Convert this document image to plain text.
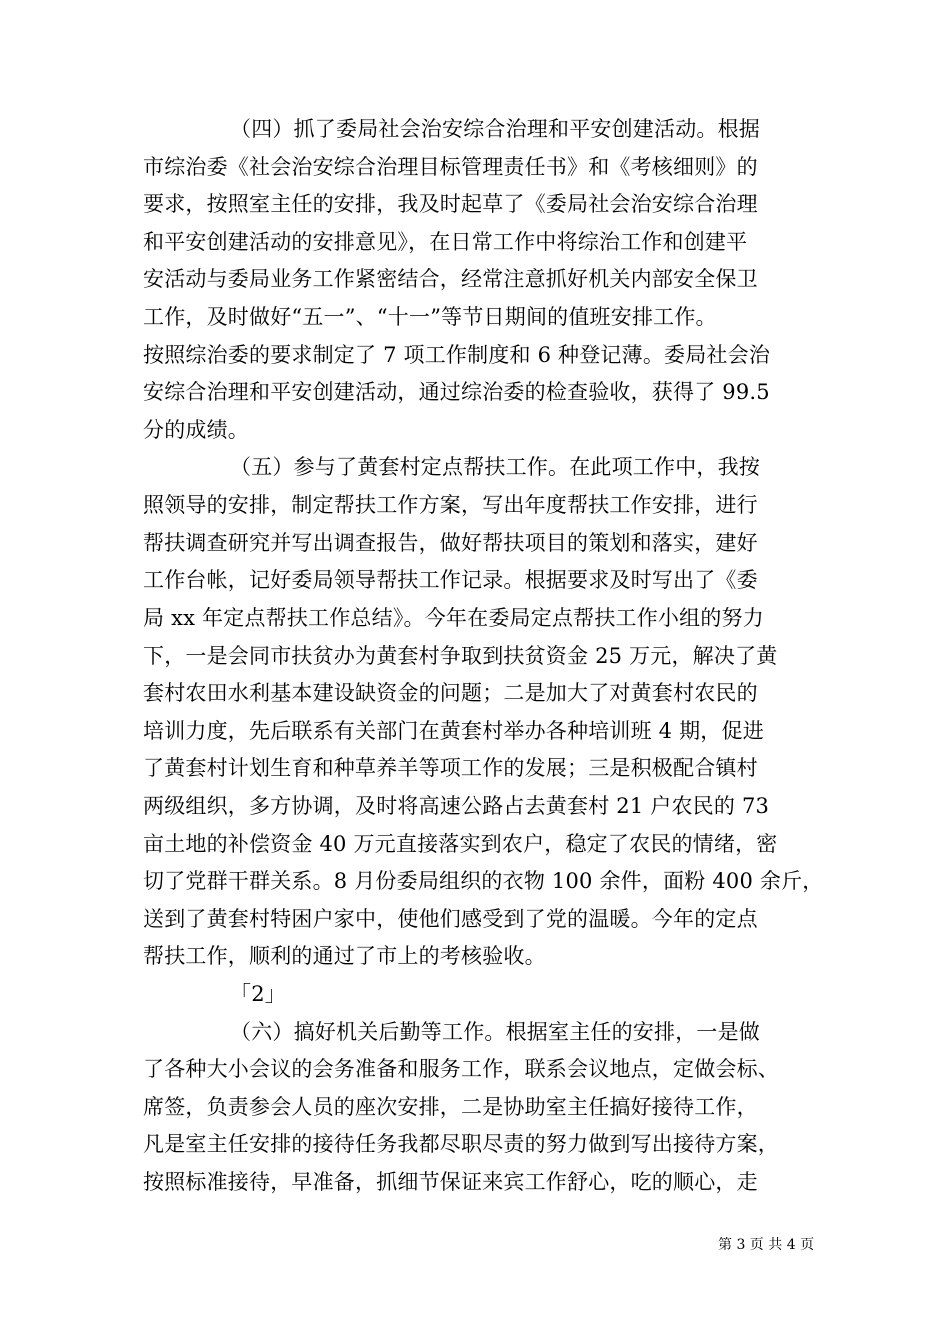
（四）抓了委局社会治安综合治理和平安创建活动。根据
市综治委《社会治安综合治理目标管理责任书》和《考核细则》的
要求，按照室主任的安排，我及时起草了《委局社会治安综合治理
和平安创建活动的安排意见》，在日常工作中将综治工作和创建平
安活动与委局业务工作紧密结合，经常注意抓好机关内部安全保卫
工作，及时做好“五一”、“十一”等节日期间的值班安排工作。
按照综治委的要求制定了 7 项工作制度和 6 种登记薄。委局社会治
安综合治理和平安创建活动，通过综治委的检查验收，获得了 99.5
分的成绩。
（五）参与了黄套村定点帮扶工作。在此项工作中，我按
照领导的安排，制定帮扶工作方案，写出年度帮扶工作安排，进行
帮扶调查研究并写出调查报告，做好帮扶项目的策划和落实，建好
工作台帐，记好委局领导帮扶工作记录。根据要求及时写出了《委
局 xx 年定点帮扶工作总结》。今年在委局定点帮扶工作小组的努力
下，一是会同市扶贫办为黄套村争取到扶贫资金 25 万元，解决了黄
套村农田水利基本建设缺资金的问题；二是加大了对黄套村农民的
培训力度，先后联系有关部门在黄套村举办各种培训班 4 期，促进
了黄套村计划生育和种草养羊等项工作的发展；三是积极配合镇村
两级组织，多方协调，及时将高速公路占去黄套村 21 户农民的 73
亩土地的补偿资金 40 万元直接落实到农户，稳定了农民的情绪，密
切了党群干群关系。8 月份委局组织的衣物 100 余件，面粉 400 余斤，
送到了黄套村特困户家中，使他们感受到了党的温暖。今年的定点
帮扶工作，顺利的通过了市上的考核验收。
「2」
（六）搞好机关后勤等工作。根据室主任的安排，一是做
了各种大小会议的会务准备和服务工作，联系会议地点，定做会标、
席签，负责参会人员的座次安排，二是协助室主任搞好接待工作，
凡是室主任安排的接待任务我都尽职尽责的努力做到写出接待方案，
按照标准接待，早准备，抓细节保证来宾工作舒心，吃的顺心，走
第 3 页 共 4 页
